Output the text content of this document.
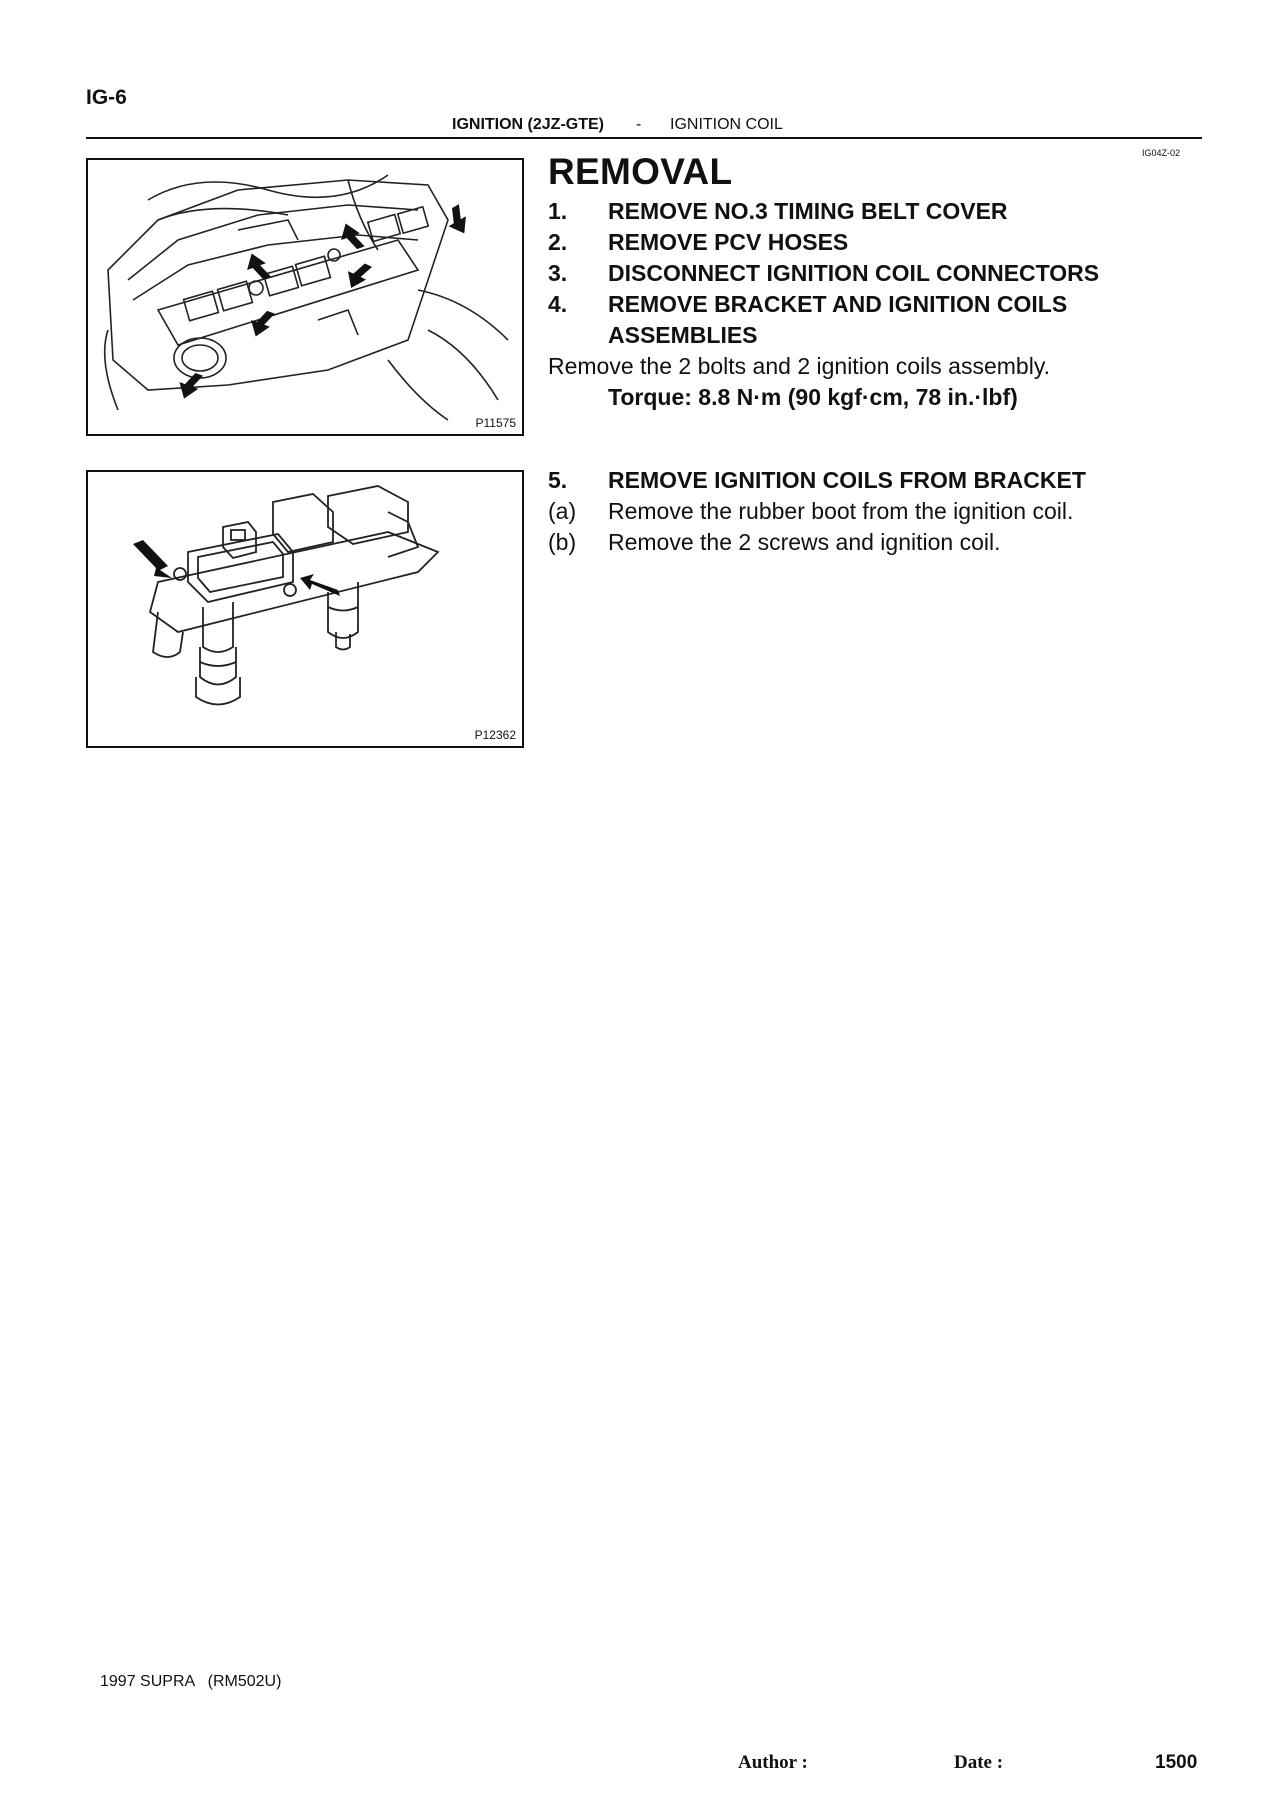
IG-6
IGNITION (2JZ-GTE) - IGNITION COIL
IG04Z-02
P11575
P12362
REMOVAL
1. REMOVE NO.3 TIMING BELT COVER
2. REMOVE PCV HOSES
3. DISCONNECT IGNITION COIL CONNECTORS
4. REMOVE BRACKET AND IGNITION COILS
ASSEMBLIES
Remove the 2 bolts and 2 ignition coils assembly.
Torque: 8.8 N·m (90 kgf·cm, 78 in.·lbf)
5. REMOVE IGNITION COILS FROM BRACKET
(a) Remove the rubber boot from the ignition coil.
(b) Remove the 2 screws and ignition coil.
1997 SUPRA   (RM502U)
Author :	Date :	1500
